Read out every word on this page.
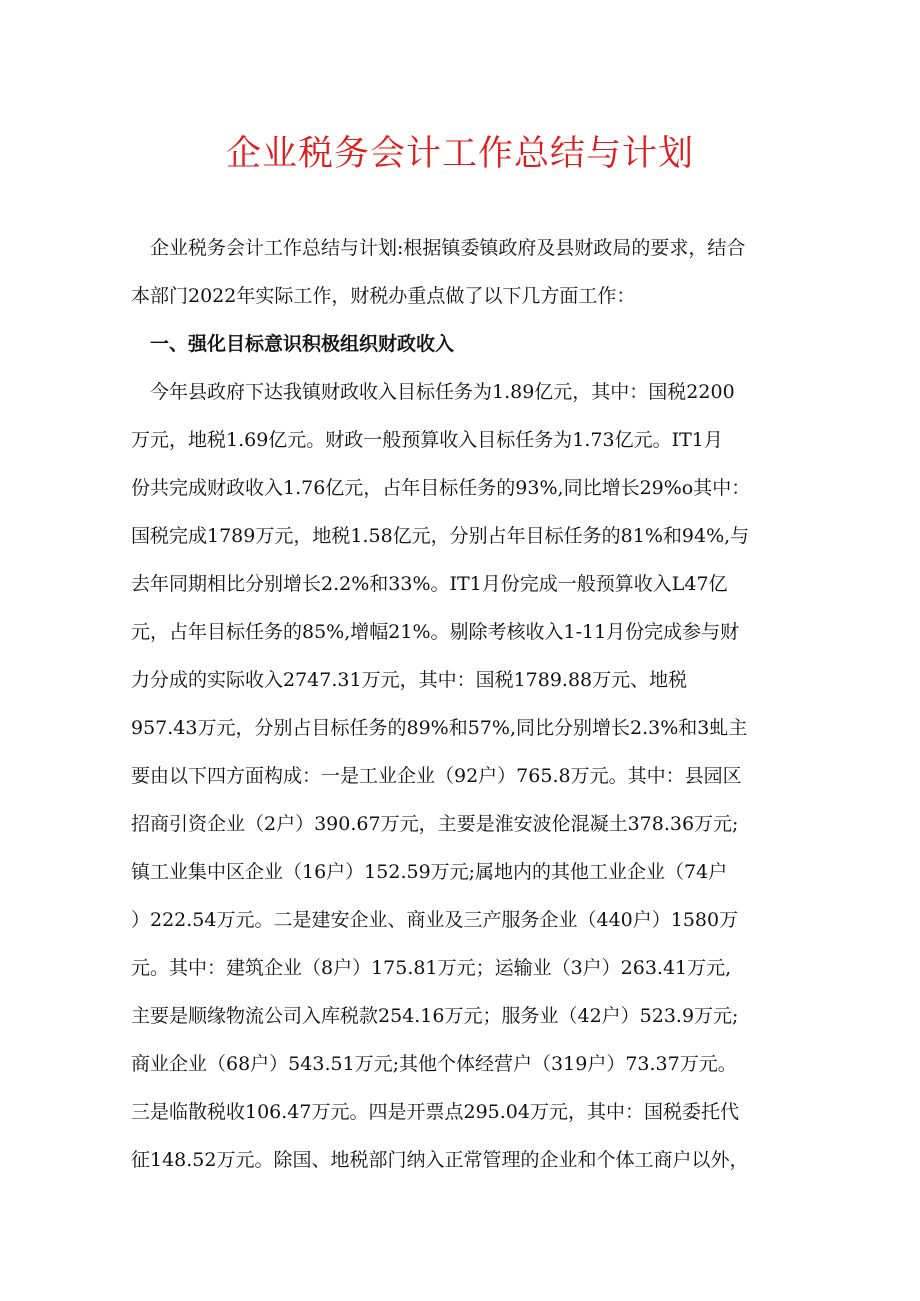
企业税务会计工作总结与计划
企业税务会计工作总结与计划:根据镇委镇政府及县财政局的要求，结合
本部门2022年实际工作，财税办重点做了以下几方面工作：
一、强化目标意识积极组织财政收入
今年县政府下达我镇财政收入目标任务为1.89亿元，其中：国税2200
万元，地税1.69亿元。财政一般预算收入目标任务为1.73亿元。IT1月
份共完成财政收入1.76亿元，占年目标任务的93%,同比增长29%o其中：
国税完成1789万元，地税1.58亿元，分别占年目标任务的81%和94%,与
去年同期相比分别增长2.2%和33%。IT1月份完成一般预算收入L47亿
元，占年目标任务的85%,增幅21%。剔除考核收入1-11月份完成参与财
力分成的实际收入2747.31万元，其中：国税1789.88万元、地税
957.43万元，分别占目标任务的89%和57%,同比分别增长2.3%和3虬主
要由以下四方面构成：一是工业企业（92户）765.8万元。其中：县园区
招商引资企业（2户）390.67万元，主要是淮安波伦混凝土378.36万元;
镇工业集中区企业（16户）152.59万元;属地内的其他工业企业（74户
）222.54万元。二是建安企业、商业及三产服务企业（440户）1580万
元。其中：建筑企业（8户）175.81万元；运输业（3户）263.41万元,
主要是顺缘物流公司入库税款254.16万元；服务业（42户）523.9万元;
商业企业（68户）543.51万元;其他个体经营户（319户）73.37万元。
三是临散税收106.47万元。四是开票点295.04万元，其中：国税委托代
征148.52万元。除国、地税部门纳入正常管理的企业和个体工商户以外，
